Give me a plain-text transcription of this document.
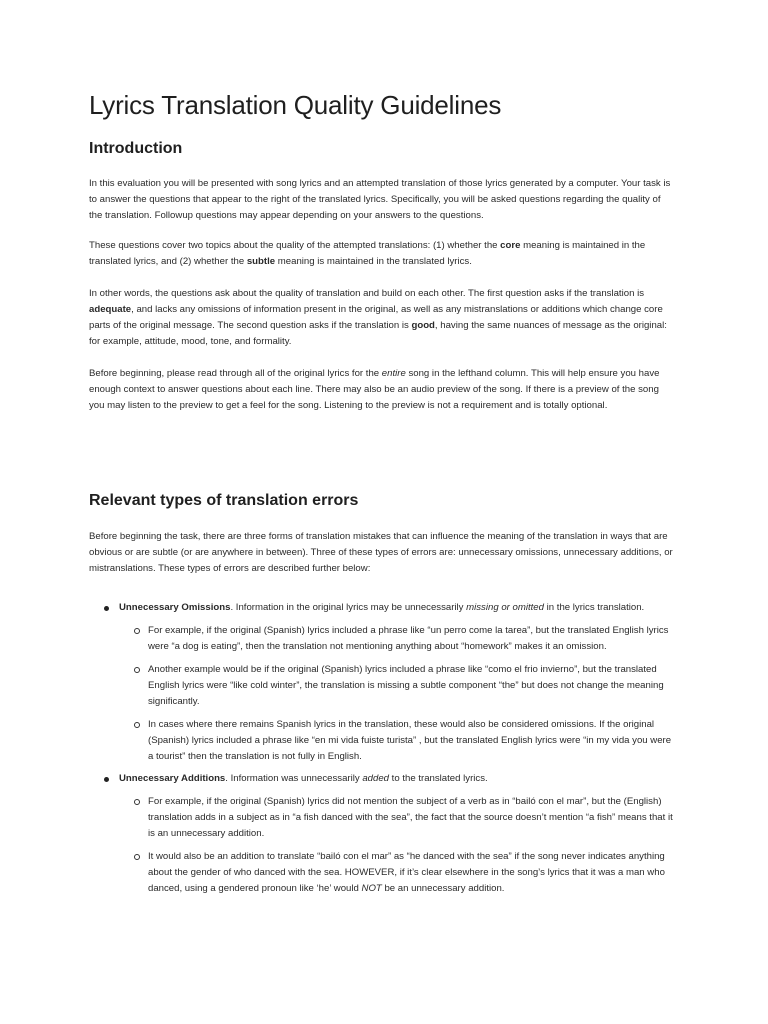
Lyrics Translation Quality Guidelines
Introduction

In this evaluation you will be presented with song lyrics and an attempted translation of those lyrics generated by a computer. Your task is to answer the questions that appear to the right of the translated lyrics. Specifically, you will be asked questions regarding the quality of the translation. Followup questions may appear depending on your answers to the questions.

These questions cover two topics about the quality of the attempted translations: (1) whether the core meaning is maintained in the translated lyrics, and (2) whether the subtle meaning is maintained in the translated lyrics.

In other words, the questions ask about the quality of translation and build on each other. The first question asks if the translation is adequate, and lacks any omissions of information present in the original, as well as any mistranslations or additions which change core parts of the original message. The second question asks if the translation is good, having the same nuances of message as the original: for example, attitude, mood, tone, and formality.

Before beginning, please read through all of the original lyrics for the entire song in the lefthand column. This will help ensure you have enough context to answer questions about each line. There may also be an audio preview of the song. If there is a preview of the song you may listen to the preview to get a feel for the song. Listening to the preview is not a requirement and is totally optional.

Relevant types of translation errors

Before beginning the task, there are three forms of translation mistakes that can influence the meaning of the translation in ways that are obvious or are subtle (or are anywhere in between). Three of these types of errors are: unnecessary omissions, unnecessary additions, or mistranslations. These types of errors are described further below:

Unnecessary Omissions. Information in the original lyrics may be unnecessarily missing or omitted in the lyrics translation.
For example, if the original (Spanish) lyrics included a phrase like “un perro come la tarea”, but the translated English lyrics were “a dog is eating”, then the translation not mentioning anything about “homework” makes it an omission.
Another example would be if the original (Spanish) lyrics included a phrase like “como el frio invierno”, but the translated English lyrics were “like cold winter”, the translation is missing a subtle component “the” but does not change the meaning significantly.
In cases where there remains Spanish lyrics in the translation, these would also be considered omissions. If the original (Spanish) lyrics included a phrase like “en mi vida fuiste turista” , but the translated English lyrics were “in my vida you were a tourist” then the translation is not fully in English.
Unnecessary Additions. Information was unnecessarily added to the translated lyrics.
For example, if the original (Spanish) lyrics did not mention the subject of a verb as in “bailó con el mar”, but the (English) translation adds in a subject as in “a fish danced with the sea”, the fact that the source doesn’t mention “a fish” means that it is an unnecessary addition.
It would also be an addition to translate “bailó con el mar” as “he danced with the sea” if the song never indicates anything about the gender of who danced with the sea. HOWEVER, if it’s clear elsewhere in the song’s lyrics that it was a man who danced, using a gendered pronoun like ‘he’ would NOT be an unnecessary addition.
